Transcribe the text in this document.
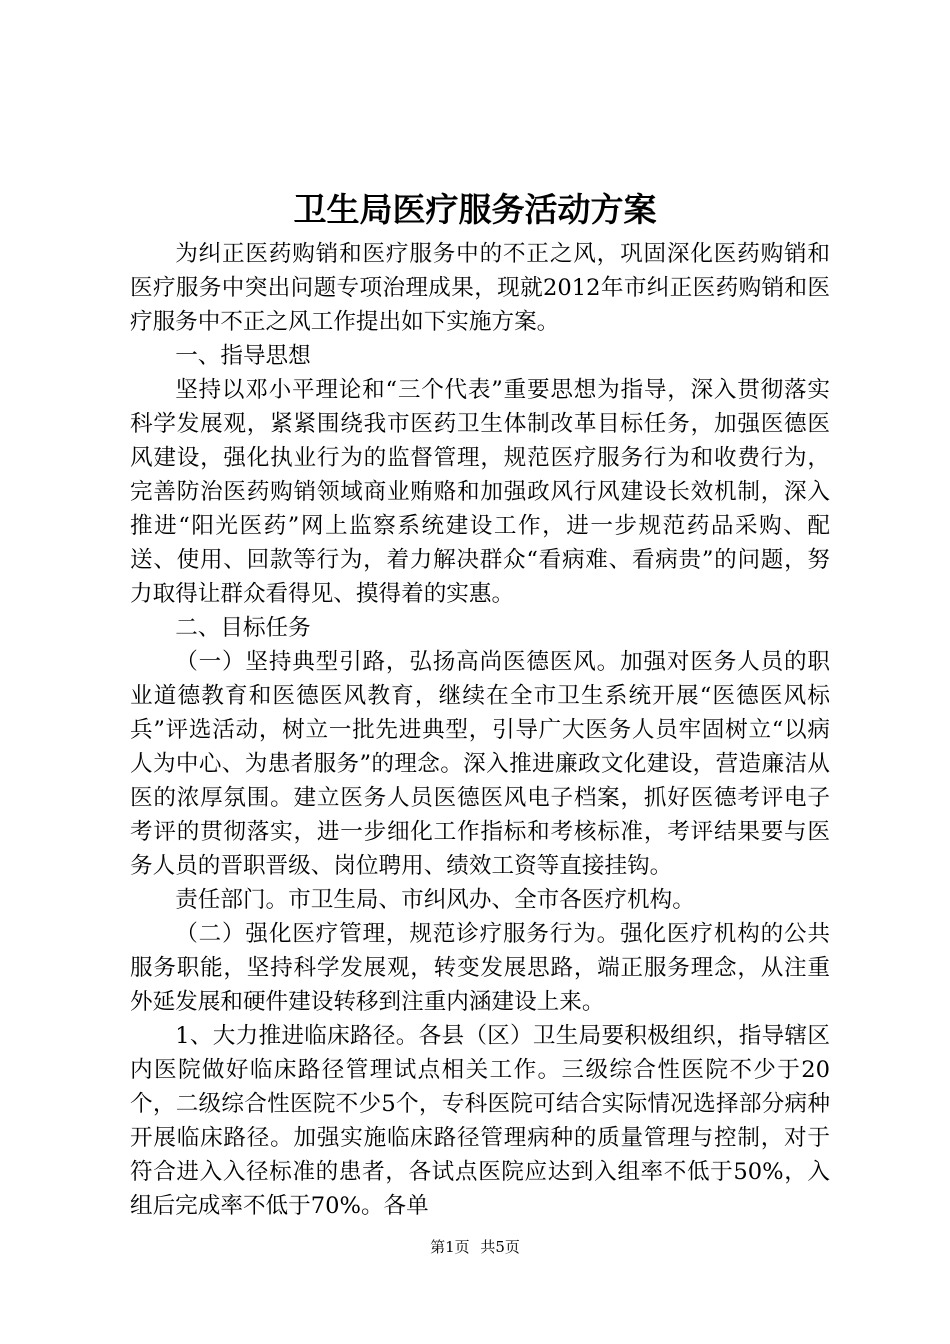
卫生局医疗服务活动方案

为纠正医药购销和医疗服务中的不正之风，巩固深化医药购销和医疗服务中突出问题专项治理成果，现就2012年市纠正医药购销和医疗服务中不正之风工作提出如下实施方案。

一、指导思想

坚持以邓小平理论和“三个代表”重要思想为指导，深入贯彻落实科学发展观，紧紧围绕我市医药卫生体制改革目标任务，加强医德医风建设，强化执业行为的监督管理，规范医疗服务行为和收费行为，完善防治医药购销领域商业贿赂和加强政风行风建设长效机制，深入推进“阳光医药”网上监察系统建设工作，进一步规范药品采购、配送、使用、回款等行为，着力解决群众“看病难、看病贵”的问题，努力取得让群众看得见、摸得着的实惠。

二、目标任务

（一）坚持典型引路，弘扬高尚医德医风。加强对医务人员的职业道德教育和医德医风教育，继续在全市卫生系统开展“医德医风标兵”评选活动，树立一批先进典型，引导广大医务人员牢固树立“以病人为中心、为患者服务”的理念。深入推进廉政文化建设，营造廉洁从医的浓厚氛围。建立医务人员医德医风电子档案，抓好医德考评电子考评的贯彻落实，进一步细化工作指标和考核标准，考评结果要与医务人员的晋职晋级、岗位聘用、绩效工资等直接挂钩。

责任部门。市卫生局、市纠风办、全市各医疗机构。

（二）强化医疗管理，规范诊疗服务行为。强化医疗机构的公共服务职能，坚持科学发展观，转变发展思路，端正服务理念，从注重外延发展和硬件建设转移到注重内涵建设上来。

1、大力推进临床路径。各县（区）卫生局要积极组织，指导辖区内医院做好临床路径管理试点相关工作。三级综合性医院不少于20个，二级综合性医院不少5个，专科医院可结合实际情况选择部分病种开展临床路径。加强实施临床路径管理病种的质量管理与控制，对于符合进入入径标准的患者，各试点医院应达到入组率不低于50%，入组后完成率不低于70%。各单

第1页 共5页
